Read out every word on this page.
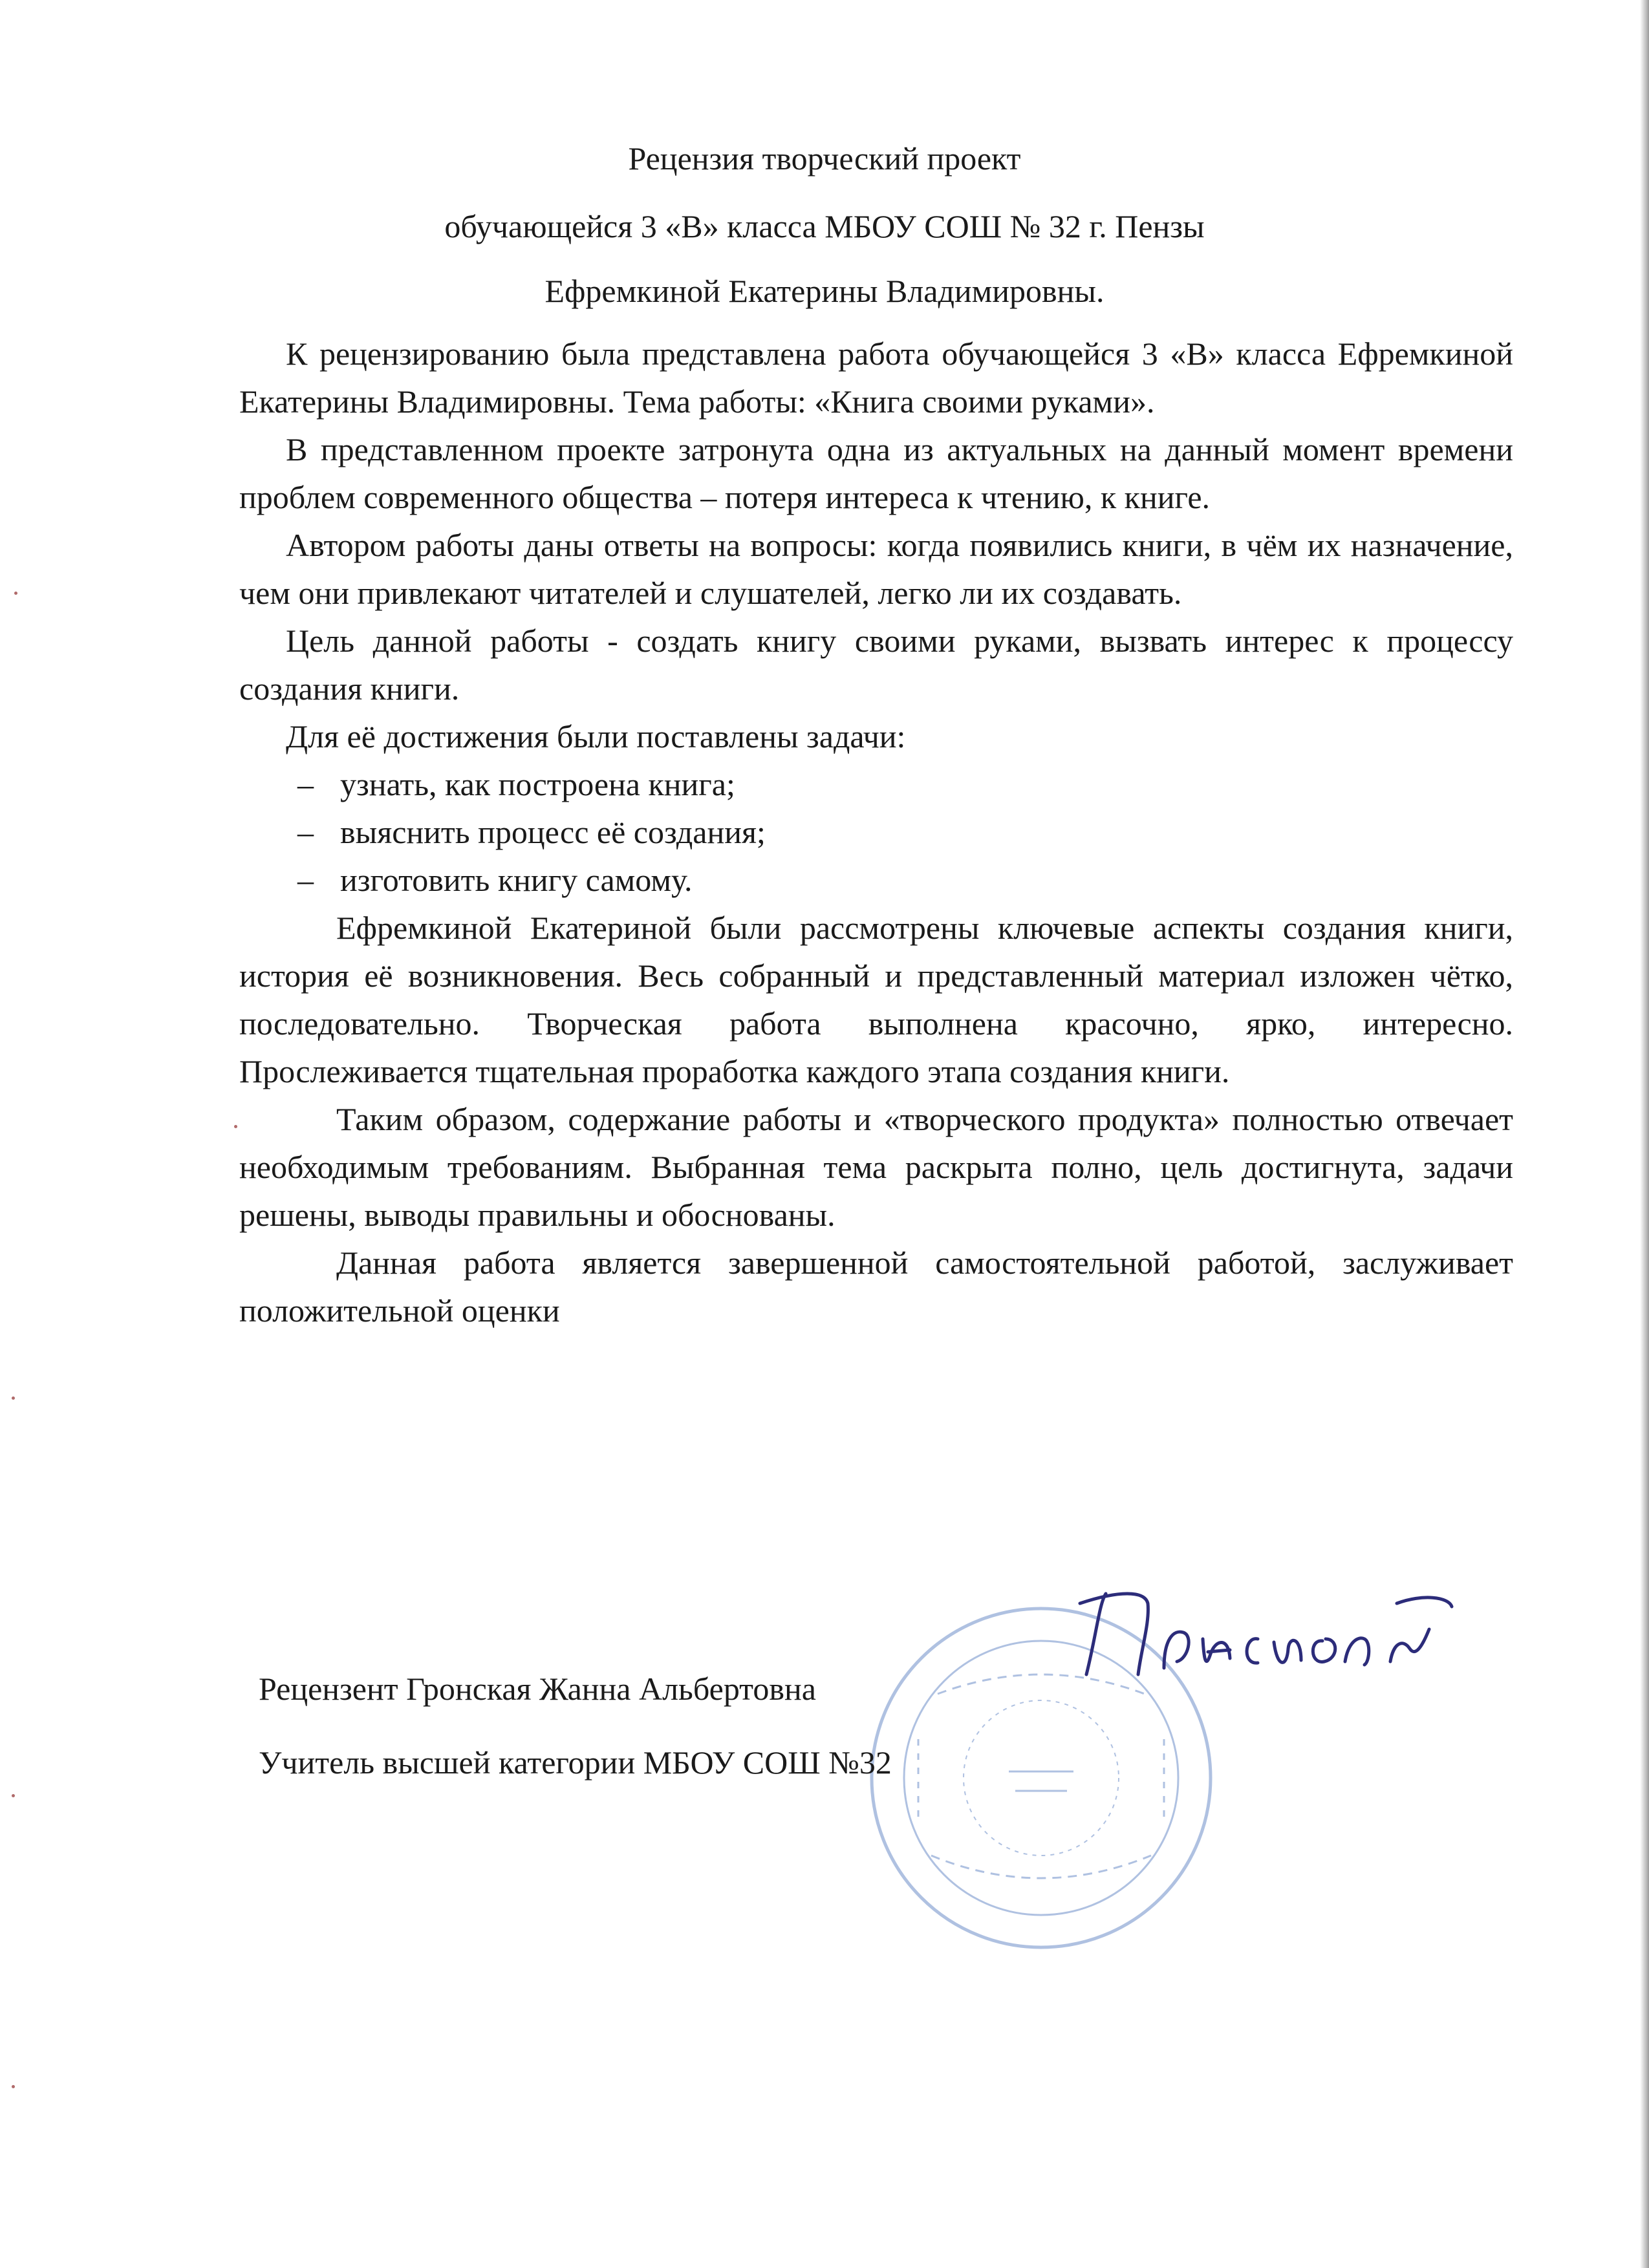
Рецензия творческий проект
обучающейся 3 «В» класса МБОУ СОШ № 32 г. Пензы
Ефремкиной Екатерины Владимировны.

К рецензированию была представлена работа обучающейся 3 «В» класса Ефремкиной Екатерины Владимировны. Тема работы: «Книга своими руками».

В представленном проекте затронута одна из актуальных на данный момент времени проблем современного общества – потеря интереса к чтению, к книге.

Автором работы даны ответы на вопросы: когда появились книги, в чём их назначение, чем они привлекают читателей и слушателей, легко ли их создавать.

Цель данной работы - создать книгу своими руками, вызвать интерес к процессу создания книги.

Для её достижения были поставлены задачи:

– узнать, как построена книга;
– выяснить процесс её создания;
– изготовить книгу самому.

Ефремкиной Екатериной были рассмотрены ключевые аспекты создания книги, история её возникновения. Весь собранный и представленный материал изложен чётко, последовательно. Творческая работа выполнена красочно, ярко, интересно. Прослеживается тщательная проработка каждого этапа создания книги.

Таким образом, содержание работы и «творческого продукта» полностью отвечает необходимым требованиям. Выбранная тема раскрыта полно, цель достигнута, задачи решены, выводы правильны и обоснованы.

Данная работа является завершенной самостоятельной работой, заслуживает положительной оценки

Рецензент Гронская Жанна Альбертовна

Учитель высшей категории МБОУ СОШ №32
